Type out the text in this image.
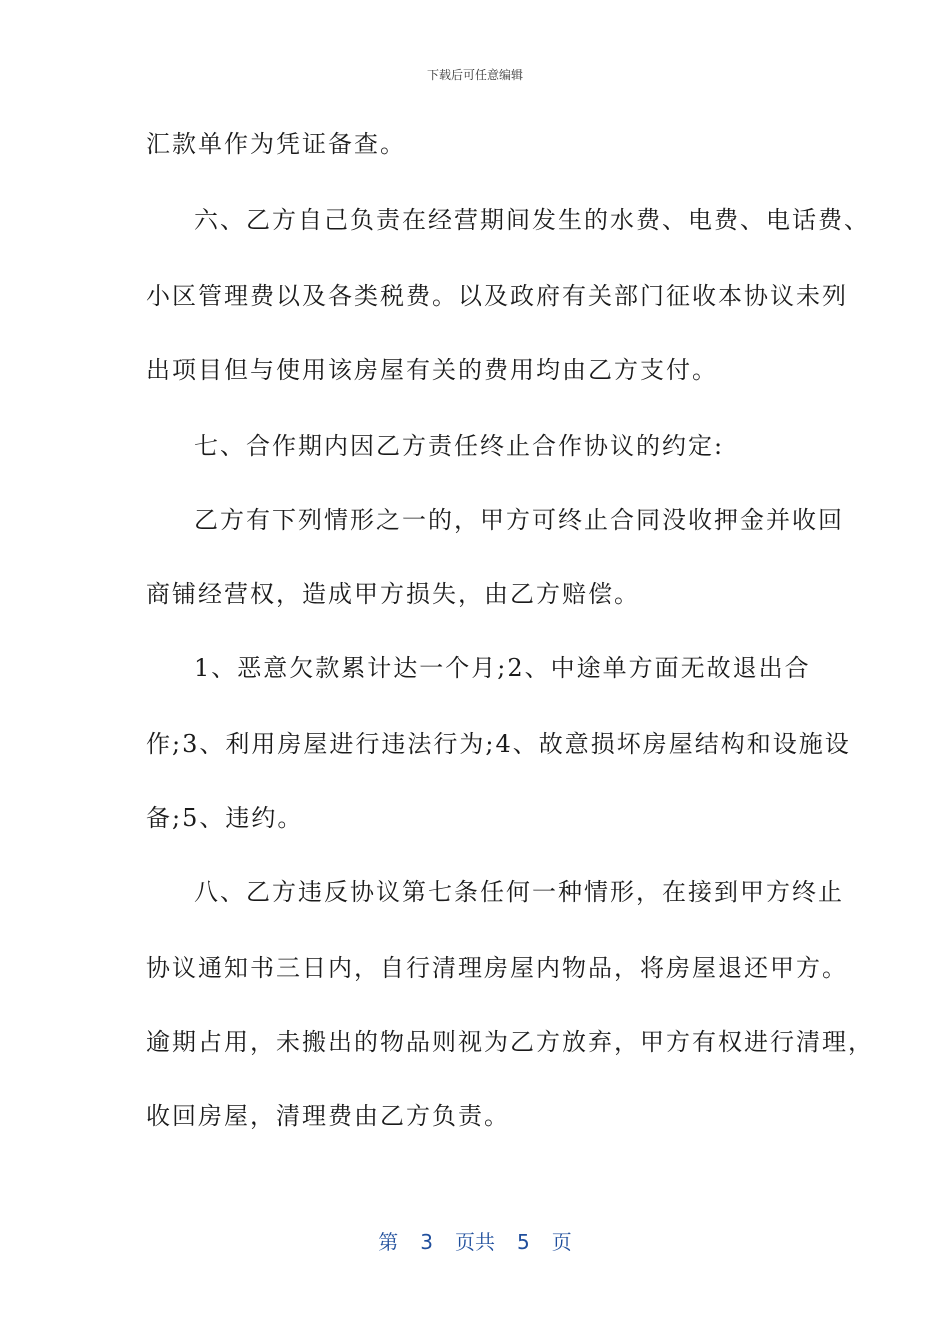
下载后可任意编辑
汇款单作为凭证备查。
六、乙方自己负责在经营期间发生的水费、电费、电话费、
小区管理费以及各类税费。以及政府有关部门征收本协议未列
出项目但与使用该房屋有关的费用均由乙方支付。
七、合作期内因乙方责任终止合作协议的约定:
乙方有下列情形之一的，甲方可终止合同没收押金并收回
商铺经营权，造成甲方损失，由乙方赔偿。
1、恶意欠款累计达一个月;2、中途单方面无故退出合
作;3、利用房屋进行违法行为;4、故意损坏房屋结构和设施设
备;5、违约。
八、乙方违反协议第七条任何一种情形，在接到甲方终止
协议通知书三日内，自行清理房屋内物品，将房屋退还甲方。
逾期占用，未搬出的物品则视为乙方放弃，甲方有权进行清理，
收回房屋，清理费由乙方负责。
第 3 页共 5 页
